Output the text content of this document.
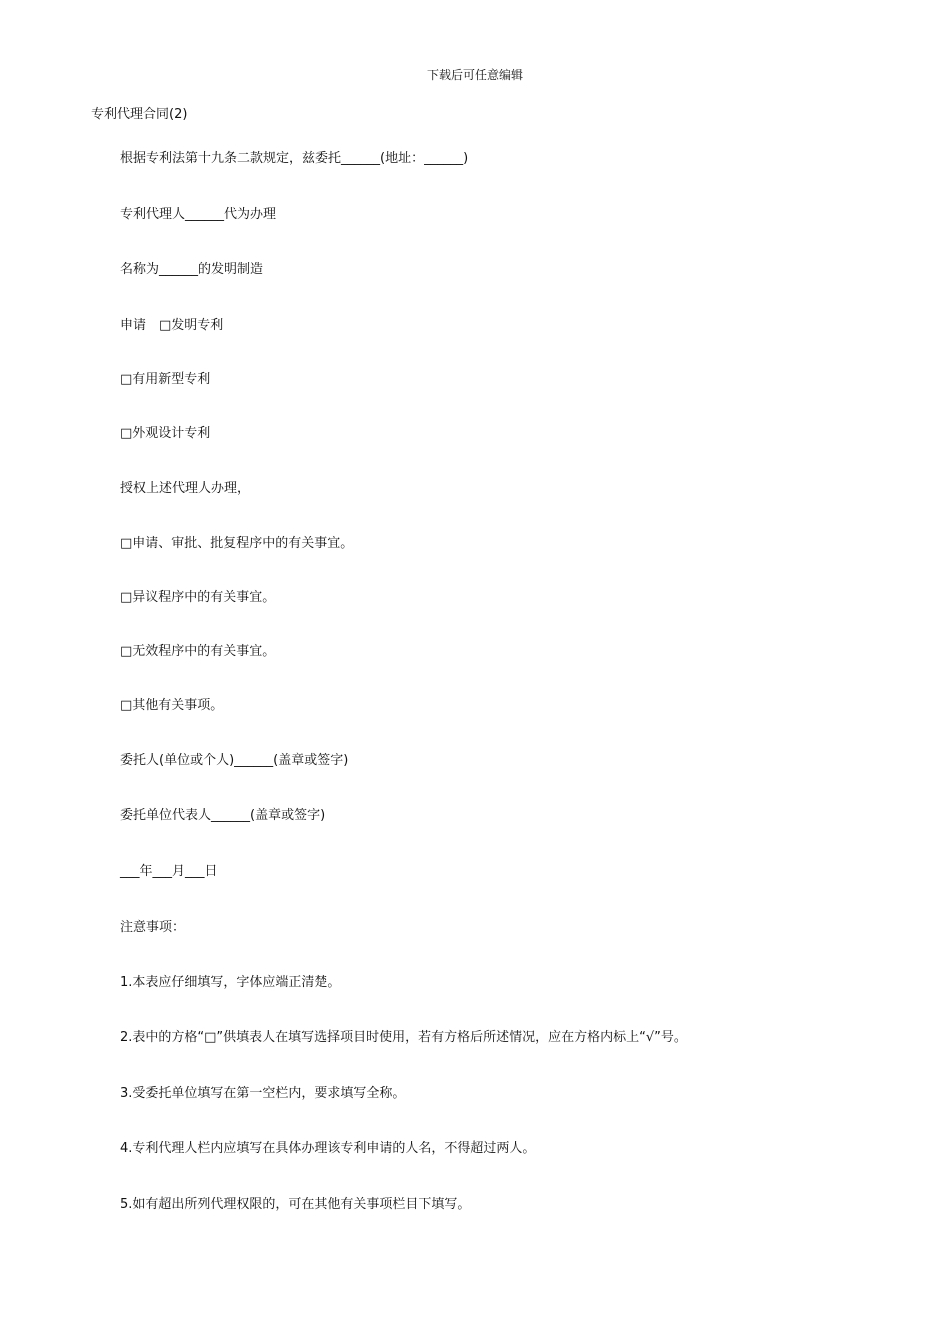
下载后可任意编辑
专利代理合同(2)
根据专利法第十九条二款规定，兹委托______(地址：______)
专利代理人______代为办理
名称为______的发明制造
申请　□发明专利
□有用新型专利
□外观设计专利
授权上述代理人办理，
□申请、审批、批复程序中的有关事宜。
□异议程序中的有关事宜。
□无效程序中的有关事宜。
□其他有关事项。
委托人(单位或个人)______(盖章或签字)
委托单位代表人______(盖章或签字)
___年___月___日
注意事项：
1.本表应仔细填写，字体应端正清楚。
2.表中的方格“□”供填表人在填写选择项目时使用，若有方格后所述情况，应在方格内标上“√”号。
3.受委托单位填写在第一空栏内，要求填写全称。
4.专利代理人栏内应填写在具体办理该专利申请的人名，不得超过两人。
5.如有超出所列代理权限的，可在其他有关事项栏目下填写。
